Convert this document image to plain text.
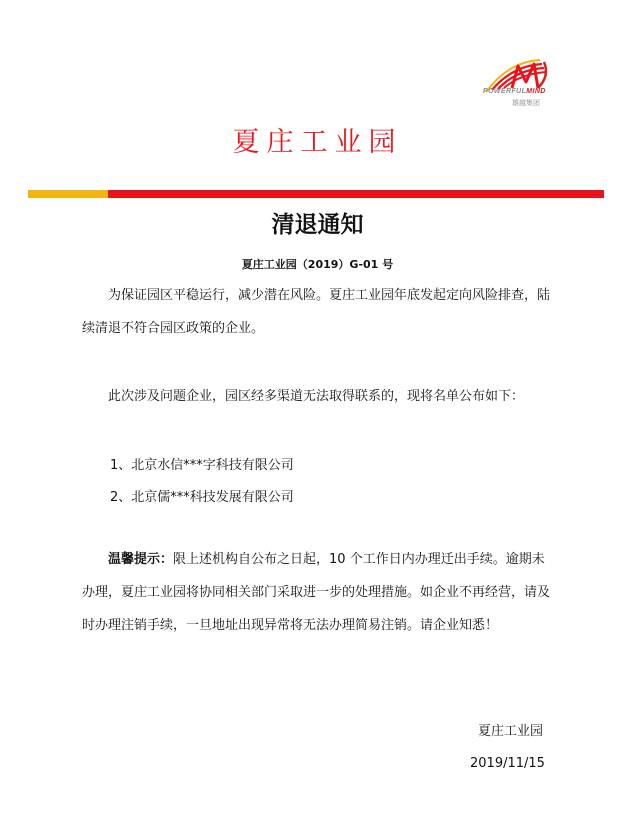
POWERFULMIND
雄越集团
夏庄工业园
清退通知
夏庄工业园（2019）G-01 号

为保证园区平稳运行，减少潜在风险。夏庄工业园年底发起定向风险排查，陆续清退不符合园区政策的企业。

此次涉及问题企业，园区经多渠道无法取得联系的，现将名单公布如下：

1、北京水信***字科技有限公司
2、北京儒***科技发展有限公司

温馨提示：限上述机构自公布之日起，10 个工作日内办理迁出手续。逾期未办理，夏庄工业园将协同相关部门采取进一步的处理措施。如企业不再经营，请及时办理注销手续，一旦地址出现异常将无法办理简易注销。请企业知悉！

夏庄工业园
2019/11/15
